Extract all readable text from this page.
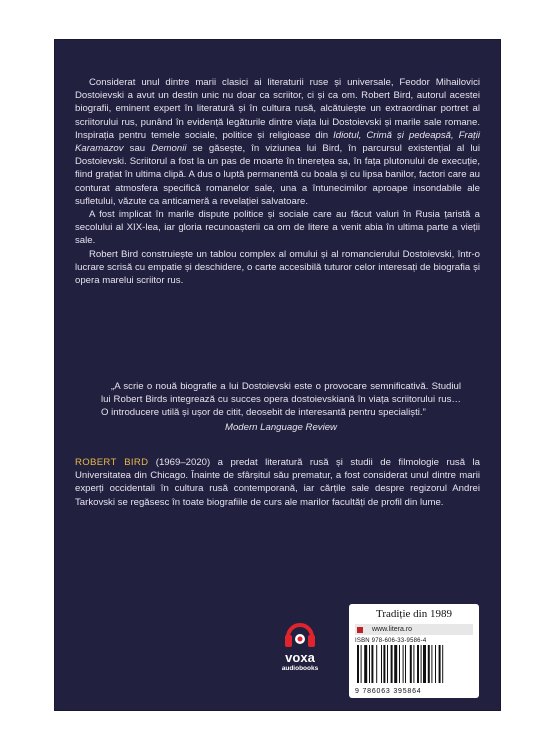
Considerat unul dintre marii clasici ai literaturii ruse și universale, Feodor Mihailovici Dostoievski a avut un destin unic nu doar ca scriitor, ci și ca om. Robert Bird, autorul acestei biografii, eminent expert în literatură și în cultura rusă, alcătuiește un extraordinar portret al scriitorului rus, punând în evidență legăturile dintre viața lui Dostoievski și marile sale romane. Inspirația pentru temele sociale, politice și religioase din Idiotul, Crimă și pedeapsă, Frații Karamazov sau Demonii se găsește, în viziunea lui Bird, în parcursul existențial al lui Dostoievski. Scriitorul a fost la un pas de moarte în tinerețea sa, în fața plutonului de execuție, fiind grațiat în ultima clipă. A dus o luptă permanentă cu boala și cu lipsa banilor, factori care au conturat atmosfera specifică romanelor sale, una a întunecimilor aproape insondabile ale sufletului, văzute ca anticameră a revelației salvatoare.

A fost implicat în marile dispute politice și sociale care au făcut valuri în Rusia țaristă a secolului al XIX-lea, iar gloria recunoașterii ca om de litere a venit abia în ultima parte a vieții sale.

Robert Bird construiește un tablou complex al omului și al romancierului Dostoievski, într-o lucrare scrisă cu empatie și deschidere, o carte accesibilă tuturor celor interesați de biografia și opera marelui scriitor rus.

„A scrie o nouă biografie a lui Dostoievski este o provocare semnificativă. Studiul lui Robert Birds integrează cu succes opera dostoievskiană în viața scriitorului rus… O introducere utilă și ușor de citit, deosebit de interesantă pentru specialiști.”

Modern Language Review

ROBERT BIRD (1969–2020) a predat literatură rusă și studii de filmologie rusă la Universitatea din Chicago. Înainte de sfârșitul său prematur, a fost considerat unul dintre marii experți occidentali în cultura rusă contemporană, iar cărțile sale despre regizorul Andrei Tarkovski se regăsesc în toate biografiile de curs ale marilor facultăți de profil din lume.

voxa
audiobooks
Tradiție din 1989
www.litera.ro
ISBN 978-606-33-9586-4
9 786063 395864
